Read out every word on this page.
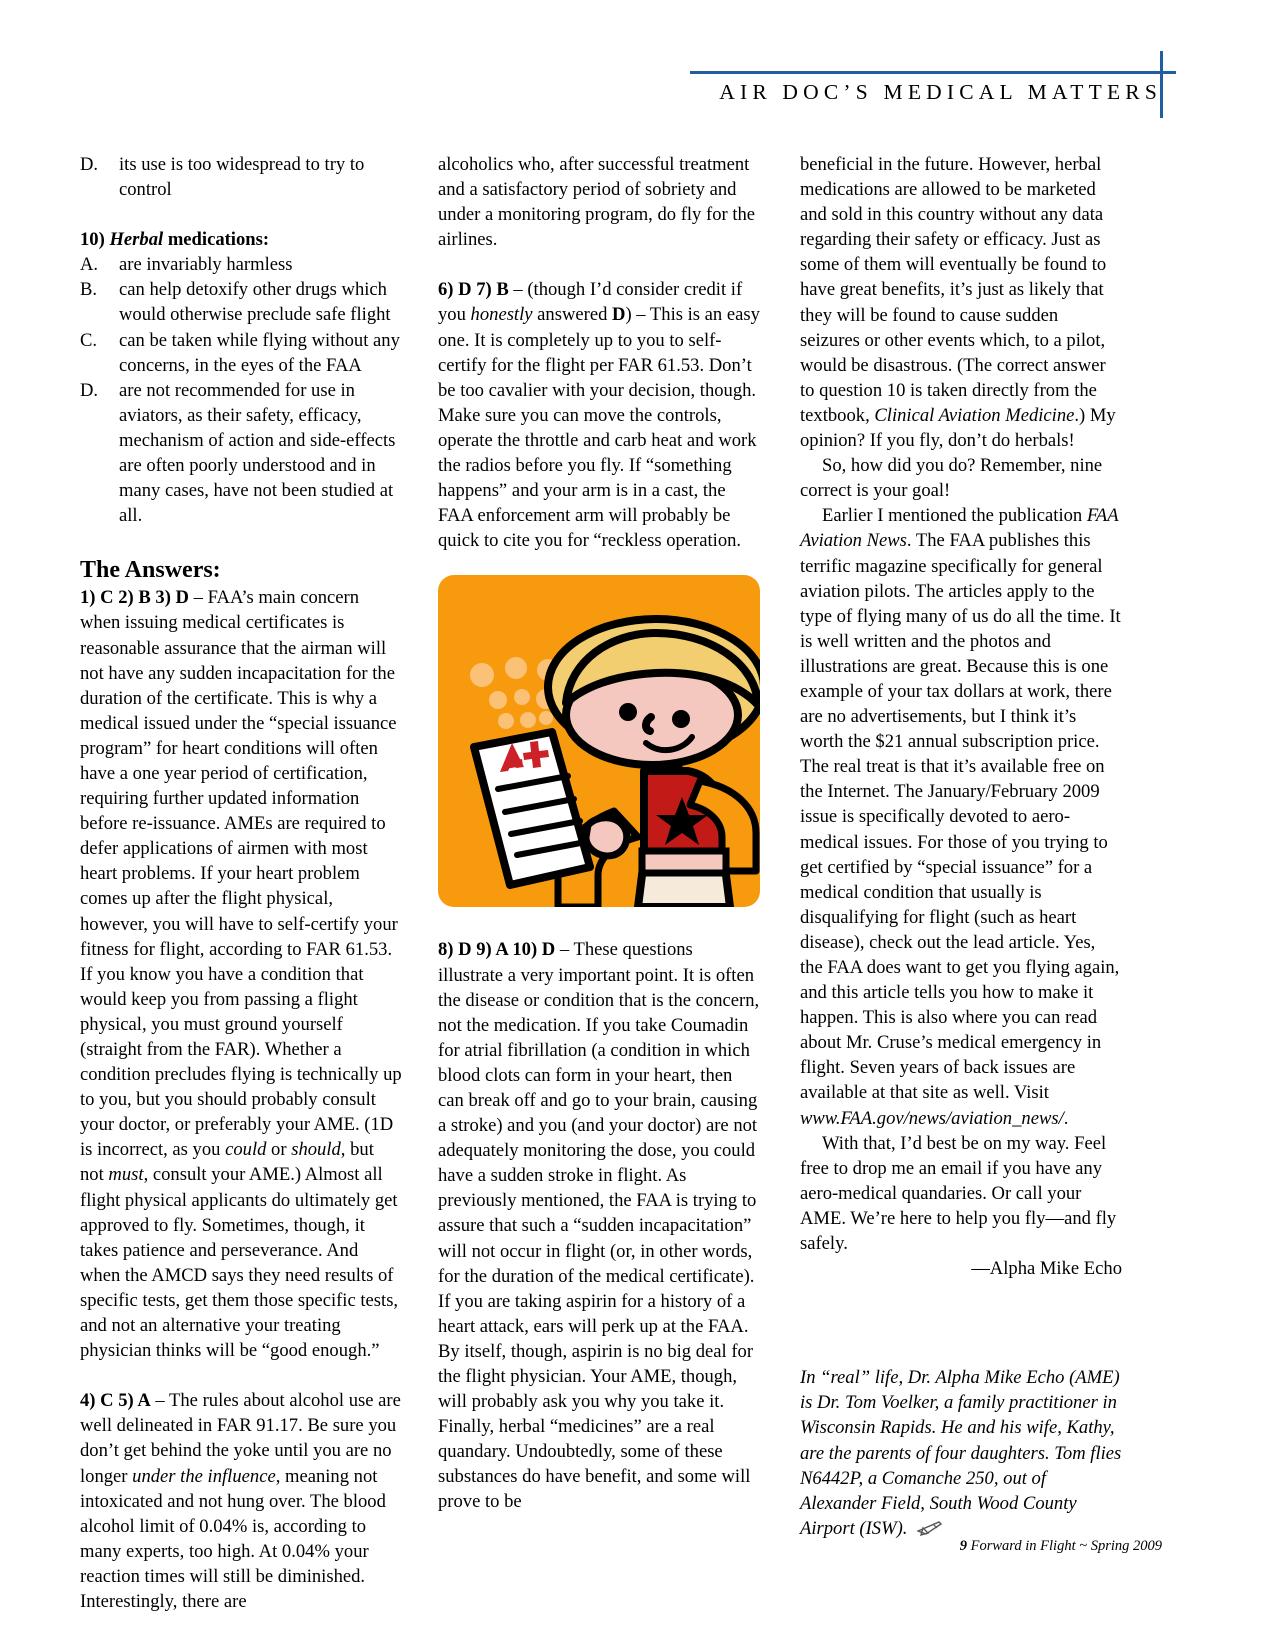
AIR DOC’S MEDICAL MATTERS

D. its use is too widespread to try to control

10) Herbal medications:

A. are invariably harmless

B. can help detoxify other drugs which would otherwise preclude safe flight

C. can be taken while flying without any concerns, in the eyes of the FAA

D. are not recommended for use in aviators, as their safety, efficacy, mechanism of action and side-effects are often poorly understood and in many cases, have not been studied at all.

The Answers:

1) C 2) B 3) D – FAA’s main concern when issuing medical certificates is reasonable assurance that the airman will not have any sudden incapacitation for the duration of the certificate. This is why a medical issued under the “special issuance program” for heart conditions will often have a one year period of certification, requiring further updated information before re-issuance. AMEs are required to defer applications of airmen with most heart problems. If your heart problem comes up after the flight physical, however, you will have to self-certify your fitness for flight, according to FAR 61.53. If you know you have a condition that would keep you from passing a flight physical, you must ground yourself (straight from the FAR). Whether a condition precludes flying is technically up to you, but you should probably consult your doctor, or preferably your AME. (1D is incorrect, as you could or should, but not must, consult your AME.) Almost all flight physical applicants do ultimately get approved to fly. Sometimes, though, it takes patience and perseverance. And when the AMCD says they need results of specific tests, get them those specific tests, and not an alternative your treating physician thinks will be “good enough.”

4) C 5) A – The rules about alcohol use are well delineated in FAR 91.17. Be sure you don’t get behind the yoke until you are no longer under the influence, meaning not intoxicated and not hung over. The blood alcohol limit of 0.04% is, according to many experts, too high. At 0.04% your reaction times will still be diminished. Interestingly, there are

alcoholics who, after successful treatment and a satisfactory period of sobriety and under a monitoring program, do fly for the airlines.

6) D 7) B – (though I’d consider credit if you honestly answered D) – This is an easy one. It is completely up to you to self-certify for the flight per FAR 61.53. Don’t be too cavalier with your decision, though. Make sure you can move the controls, operate the throttle and carb heat and work the radios before you fly. If “something happens” and your arm is in a cast, the FAA enforcement arm will probably be quick to cite you for “reckless operation.

8) D 9) A 10) D – These questions illustrate a very important point. It is often the disease or condition that is the concern, not the medication. If you take Coumadin for atrial fibrillation (a condition in which blood clots can form in your heart, then can break off and go to your brain, causing a stroke) and you (and your doctor) are not adequately monitoring the dose, you could have a sudden stroke in flight. As previously mentioned, the FAA is trying to assure that such a “sudden incapacitation” will not occur in flight (or, in other words, for the duration of the medical certificate). If you are taking aspirin for a history of a heart attack, ears will perk up at the FAA. By itself, though, aspirin is no big deal for the flight physician. Your AME, though, will probably ask you why you take it. Finally, herbal “medicines” are a real quandary. Undoubtedly, some of these substances do have benefit, and some will prove to be

beneficial in the future. However, herbal medications are allowed to be marketed and sold in this country without any data regarding their safety or efficacy. Just as some of them will eventually be found to have great benefits, it’s just as likely that they will be found to cause sudden seizures or other events which, to a pilot, would be disastrous. (The correct answer to question 10 is taken directly from the textbook, Clinical Aviation Medicine.) My opinion? If you fly, don’t do herbals!

So, how did you do? Remember, nine correct is your goal!

Earlier I mentioned the publication FAA Aviation News. The FAA publishes this terrific magazine specifically for general aviation pilots. The articles apply to the type of flying many of us do all the time. It is well written and the photos and illustrations are great. Because this is one example of your tax dollars at work, there are no advertisements, but I think it’s worth the $21 annual subscription price. The real treat is that it’s available free on the Internet. The January/February 2009 issue is specifically devoted to aero-medical issues. For those of you trying to get certified by “special issuance” for a medical condition that usually is disqualifying for flight (such as heart disease), check out the lead article. Yes, the FAA does want to get you flying again, and this article tells you how to make it happen. This is also where you can read about Mr. Cruse’s medical emergency in flight. Seven years of back issues are available at that site as well. Visit www.FAA.gov/news/aviation_news/.

With that, I’d best be on my way. Feel free to drop me an email if you have any aero-medical quandaries. Or call your AME. We’re here to help you fly—and fly safely.

—Alpha Mike Echo

In “real” life, Dr. Alpha Mike Echo (AME) is Dr. Tom Voelker, a family practitioner in Wisconsin Rapids. He and his wife, Kathy, are the parents of four daughters. Tom flies N6442P, a Comanche 250, out of Alexander Field, South Wood County Airport (ISW).

9 Forward in Flight ~ Spring 2009
